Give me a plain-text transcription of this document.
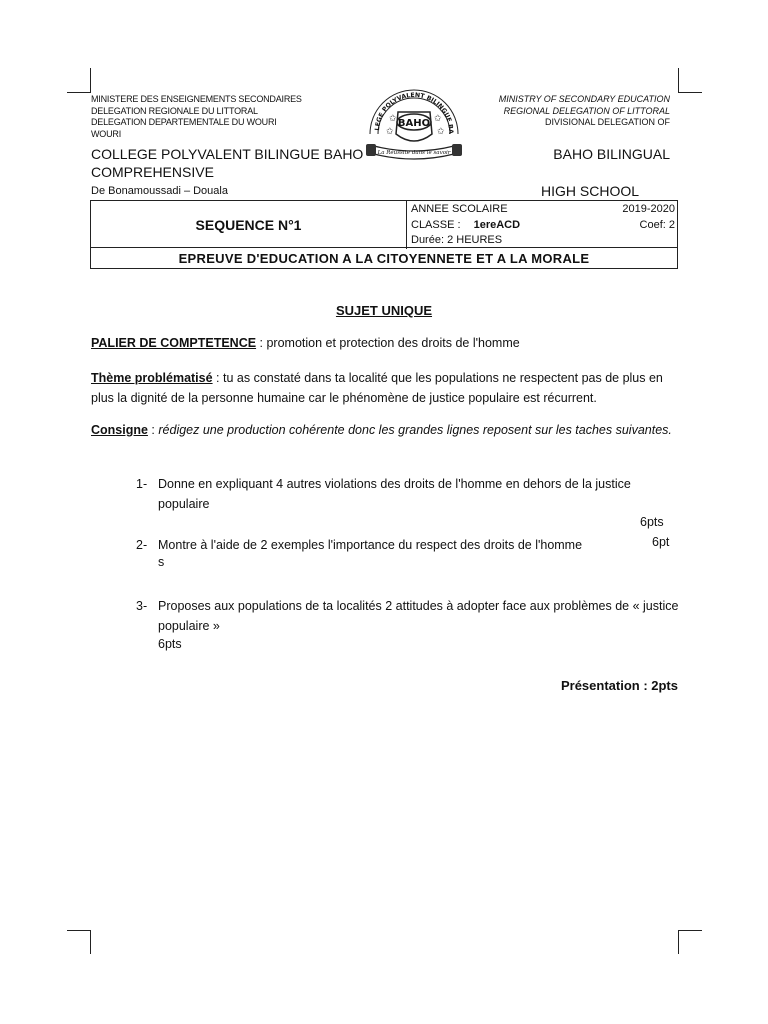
MINISTERE DES ENSEIGNEMENTS SECONDAIRES
DELEGATION REGIONALE DU LITTORAL
DELEGATION DEPARTEMENTALE DU WOURI
WOURI
MINISTRY OF SECONDARY EDUCATION
REGIONAL DELEGATION OF LITTORAL
DIVISIONAL DELEGATION OF
LEGE POLYVALENT BILINGUE BA
BAHO
✩	✩
✩	✩
La Réussite dans le savoir
COLLEGE POLYVALENT BILINGUE BAHO
COMPREHENSIVE
BAHO BILINGUAL
De Bonamoussadi – Douala	HIGH SCHOOL
SEQUENCE N°1
ANNEE SCOLAIRE	2019-2020
CLASSE : 1ereACD	Coef: 2
Durée: 2 HEURES
EPREUVE D'EDUCATION A LA CITOYENNETE ET A LA MORALE
SUJET UNIQUE
PALIER DE COMPTETENCE : promotion et protection des droits de l'homme
Thème problématisé : tu as constaté dans ta localité que les populations ne respectent pas de plus en plus la dignité de la personne humaine car le phénomène de justice populaire est récurrent.
Consigne : rédigez une production cohérente donc les grandes lignes reposent sur les taches suivantes.
1- Donne en expliquant 4 autres violations des droits de l'homme en dehors de la justice populaire
6pts
2- Montre à l'aide de 2 exemples l'importance du respect des droits de l'homme	6pt
s
3- Proposes aux populations de ta localités 2 attitudes à adopter face aux problèmes de « justice populaire »
6pts
Présentation : 2pts
